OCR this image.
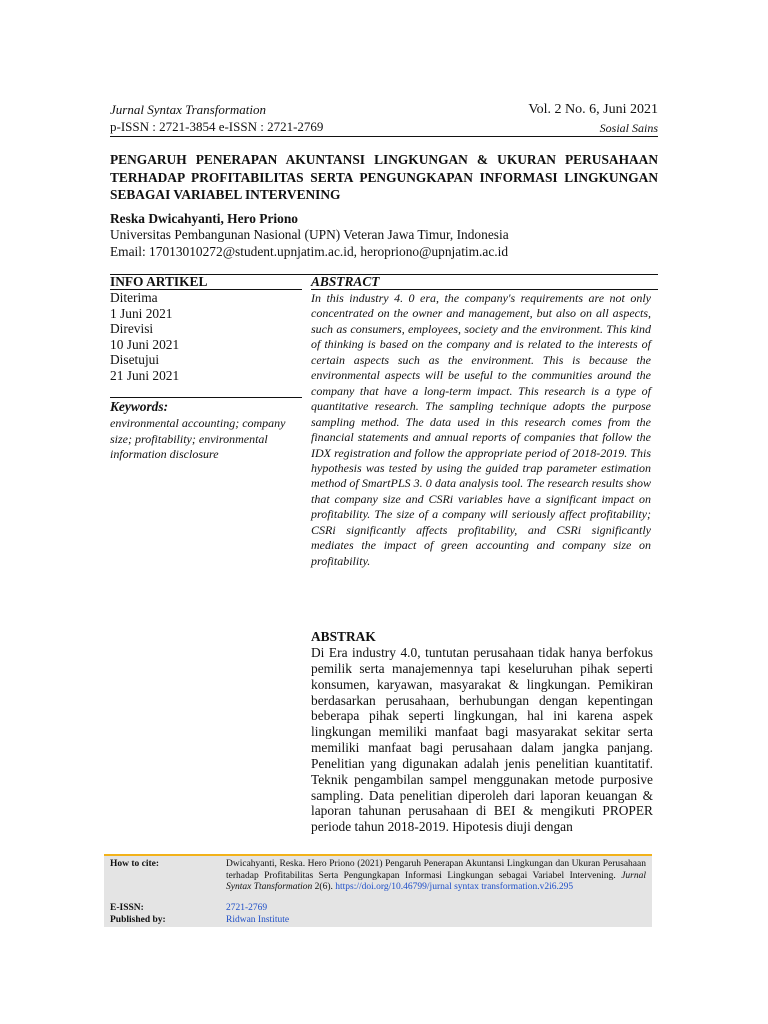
Jurnal Syntax Transformation
p-ISSN : 2721-3854 e-ISSN : 2721-2769
Vol. 2 No. 6, Juni 2021
Sosial Sains

PENGARUH PENERAPAN AKUNTANSI LINGKUNGAN & UKURAN PERUSAHAAN TERHADAP PROFITABILITAS SERTA PENGUNGKAPAN INFORMASI LINGKUNGAN SEBAGAI VARIABEL INTERVENING

Reska Dwicahyanti, Hero Priono
Universitas Pembangunan Nasional (UPN) Veteran Jawa Timur, Indonesia
Email: 17013010272@student.upnjatim.ac.id, heropriono@upnjatim.ac.id
INFO ARTIKEL	ABSTRACT
Diterima
1 Juni 2021
Direvisi
10 Juni 2021
Disetujui
21 Juni 2021
Keywords:
environmental accounting; company size; profitability; environmental information disclosure

In this industry 4. 0 era, the company's requirements are not only concentrated on the owner and management, but also on all aspects, such as consumers, employees, society and the environment. This kind of thinking is based on the company and is related to the interests of certain aspects such as the environment. This is because the environmental aspects will be useful to the communities around the company that have a long-term impact. This research is a type of quantitative research. The sampling technique adopts the purpose sampling method. The data used in this research comes from the financial statements and annual reports of companies that follow the IDX registration and follow the appropriate period of 2018-2019. This hypothesis was tested by using the guided trap parameter estimation method of SmartPLS 3. 0 data analysis tool. The research results show that company size and CSRi variables have a significant impact on profitability. The size of a company will seriously affect profitability; CSRi significantly affects profitability, and CSRi significantly mediates the impact of green accounting and company size on profitability.

ABSTRAK

Di Era industry 4.0, tuntutan perusahaan tidak hanya berfokus pemilik serta manajemennya tapi keseluruhan pihak seperti konsumen, karyawan, masyarakat & lingkungan. Pemikiran berdasarkan perusahaan, berhubungan dengan kepentingan beberapa pihak seperti lingkungan, hal ini karena aspek lingkungan memiliki manfaat bagi masyarakat sekitar serta memiliki manfaat bagi perusahaan dalam jangka panjang. Penelitian yang digunakan adalah jenis penelitian kuantitatif. Teknik pengambilan sampel menggunakan metode purposive sampling. Data penelitian diperoleh dari laporan keuangan & laporan tahunan perusahaan di BEI & mengikuti PROPER periode tahun 2018-2019. Hipotesis diuji dengan

How to cite:	Dwicahyanti, Reska. Hero Priono (2021) Pengaruh Penerapan Akuntansi Lingkungan dan Ukuran Perusahaan terhadap Profitabilitas Serta Pengungkapan Informasi Lingkungan sebagai Variabel Intervening. Jurnal Syntax Ttansformation 2(6). https://doi.org/10.46799/jurnal syntax transformation.v2i6.295

E-ISSN:	2721-2769
Published by:	Ridwan Institute
